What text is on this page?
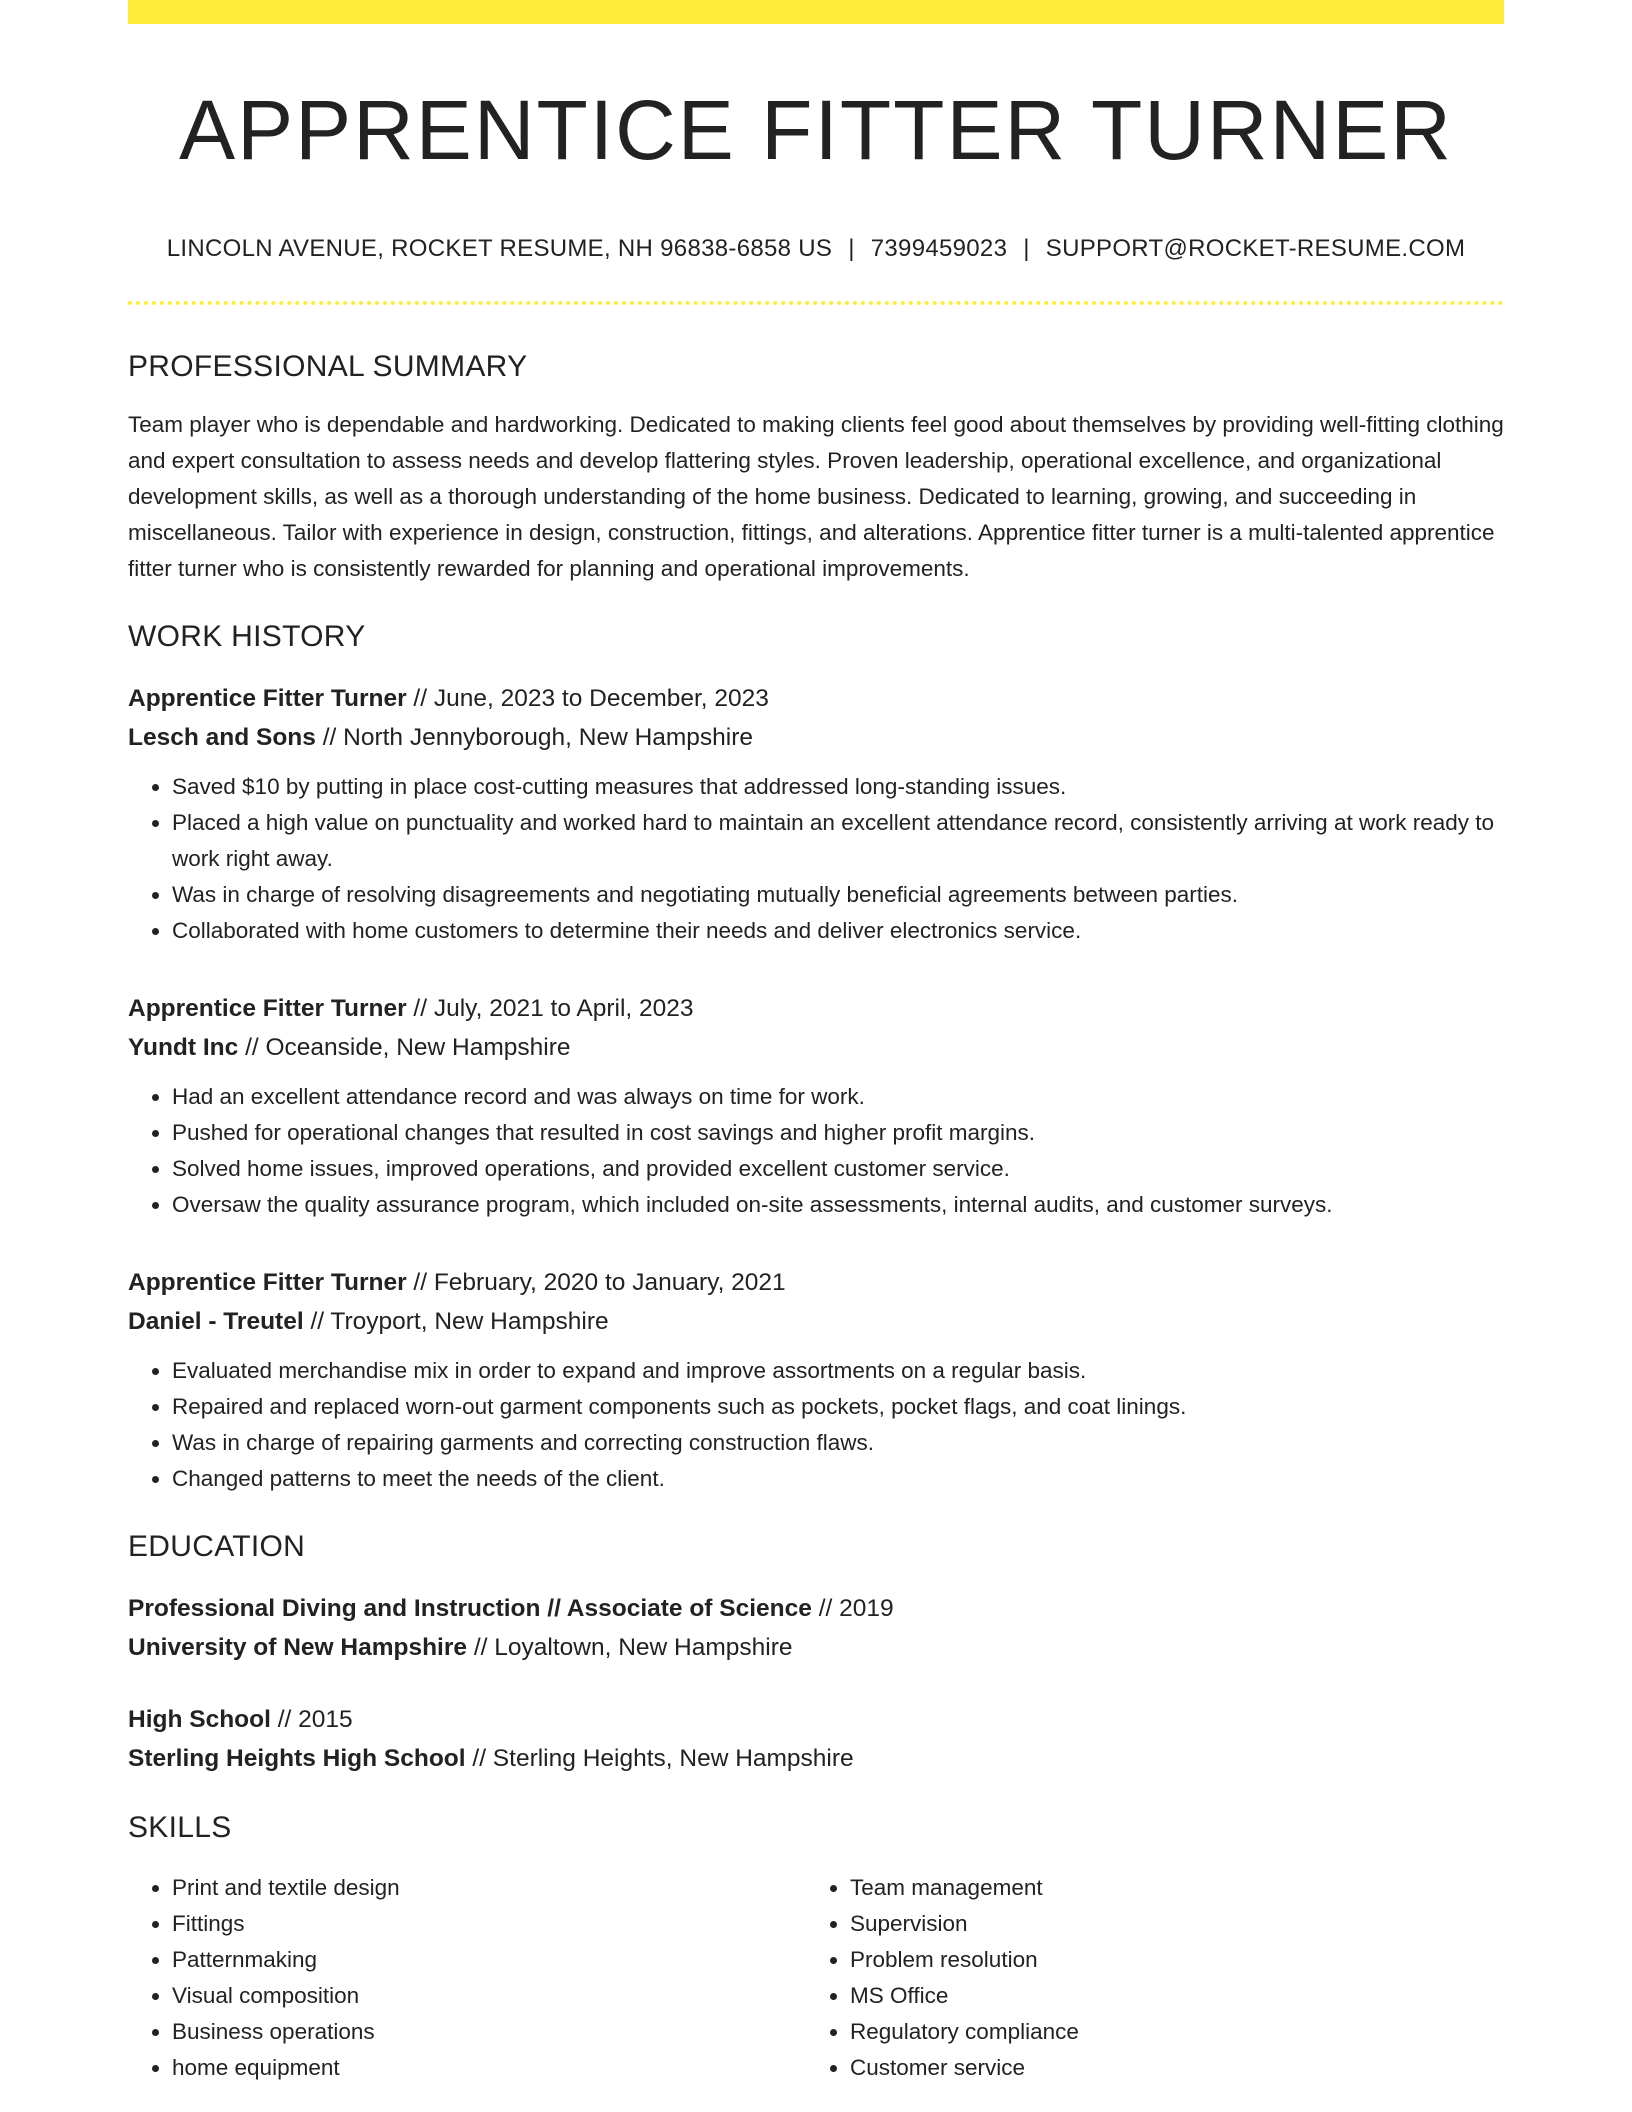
APPRENTICE FITTER TURNER
LINCOLN AVENUE, ROCKET RESUME, NH 96838-6858 US | 7399459023 | SUPPORT@ROCKET-RESUME.COM
PROFESSIONAL SUMMARY

Team player who is dependable and hardworking. Dedicated to making clients feel good about themselves by providing well-fitting clothing and expert consultation to assess needs and develop flattering styles. Proven leadership, operational excellence, and organizational development skills, as well as a thorough understanding of the home business. Dedicated to learning, growing, and succeeding in miscellaneous. Tailor with experience in design, construction, fittings, and alterations. Apprentice fitter turner is a multi-talented apprentice fitter turner who is consistently rewarded for planning and operational improvements.

WORK HISTORY
Apprentice Fitter Turner // June, 2023 to December, 2023
Lesch and Sons // North Jennyborough, New Hampshire
• Saved $10 by putting in place cost-cutting measures that addressed long-standing issues.
• Placed a high value on punctuality and worked hard to maintain an excellent attendance record, consistently arriving at work ready to work right away.
• Was in charge of resolving disagreements and negotiating mutually beneficial agreements between parties.
• Collaborated with home customers to determine their needs and deliver electronics service.
Apprentice Fitter Turner // July, 2021 to April, 2023
Yundt Inc // Oceanside, New Hampshire
• Had an excellent attendance record and was always on time for work.
• Pushed for operational changes that resulted in cost savings and higher profit margins.
• Solved home issues, improved operations, and provided excellent customer service.
• Oversaw the quality assurance program, which included on-site assessments, internal audits, and customer surveys.
Apprentice Fitter Turner // February, 2020 to January, 2021
Daniel - Treutel // Troyport, New Hampshire
• Evaluated merchandise mix in order to expand and improve assortments on a regular basis.
• Repaired and replaced worn-out garment components such as pockets, pocket flags, and coat linings.
• Was in charge of repairing garments and correcting construction flaws.
• Changed patterns to meet the needs of the client.
EDUCATION
Professional Diving and Instruction // Associate of Science // 2019
University of New Hampshire // Loyaltown, New Hampshire
High School // 2015
Sterling Heights High School // Sterling Heights, New Hampshire
SKILLS
• Print and textile design
• Fittings
• Patternmaking
• Visual composition
• Business operations
• home equipment
• Team management
• Supervision
• Problem resolution
• MS Office
• Regulatory compliance
• Customer service
